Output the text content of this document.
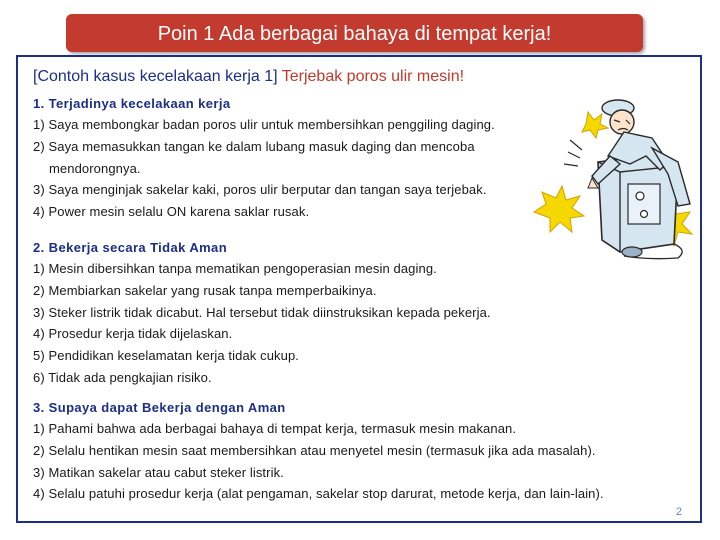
Poin 1 Ada berbagai bahaya di tempat kerja!
[Contoh kasus kecelakaan kerja 1] Terjebak poros ulir mesin!
1. Terjadinya kecelakaan kerja
1) Saya membongkar badan poros ulir untuk membersihkan penggiling daging.
2) Saya memasukkan tangan ke dalam lubang masuk daging dan mencoba
mendorongnya.
3) Saya menginjak sakelar kaki, poros ulir berputar dan tangan saya terjebak.
4) Power mesin selalu ON karena saklar rusak.
2. Bekerja secara Tidak Aman
1) Mesin dibersihkan tanpa mematikan pengoperasian mesin daging.
2) Membiarkan sakelar yang rusak tanpa memperbaikinya.
3) Steker listrik tidak dicabut. Hal tersebut tidak diinstruksikan kepada pekerja.
4) Prosedur kerja tidak dijelaskan.
5) Pendidikan keselamatan kerja tidak cukup.
6) Tidak ada pengkajian risiko.
3. Supaya dapat Bekerja dengan Aman
1) Pahami bahwa ada berbagai bahaya di tempat kerja, termasuk mesin makanan.
2) Selalu hentikan mesin saat membersihkan atau menyetel mesin (termasuk jika ada masalah).
3) Matikan sakelar atau cabut steker listrik.
4) Selalu patuhi prosedur kerja (alat pengaman, sakelar stop darurat, metode kerja, dan lain-lain).
2
